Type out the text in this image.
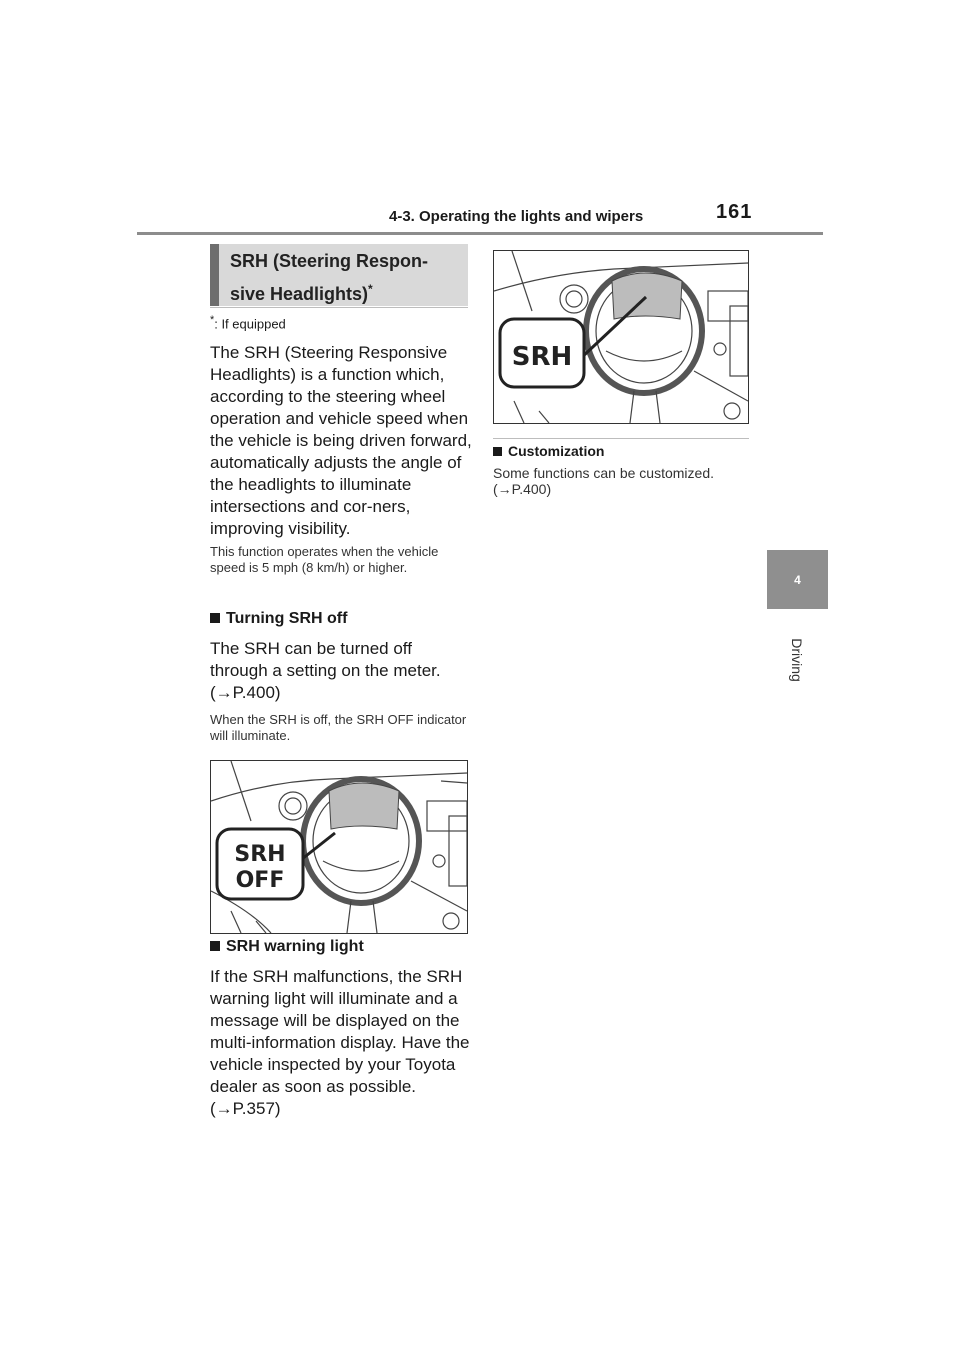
4-3. Operating the lights and wipers	161
4
Driving
SRH (Steering Respon-
sive Headlights)*
*: If equipped
The SRH (Steering Responsive Headlights) is a function which, according to the steering wheel operation and vehicle speed when the vehicle is being driven forward, automatically adjusts the angle of the headlights to illuminate intersections and cor-ners, improving visibility.
This function operates when the vehicle speed is 5 mph (8 km/h) or higher.
Turning SRH off
The SRH can be turned off through a setting on the meter. (→P.400)
When the SRH is off, the SRH OFF indicator will illuminate.
SRH
OFF
SRH warning light
If the SRH malfunctions, the SRH warning light will illuminate and a message will be displayed on the multi-information display. Have the vehicle inspected by your Toyota dealer as soon as possible. (→P.357)
SRH
Customization
Some functions can be customized. (→P.400)
